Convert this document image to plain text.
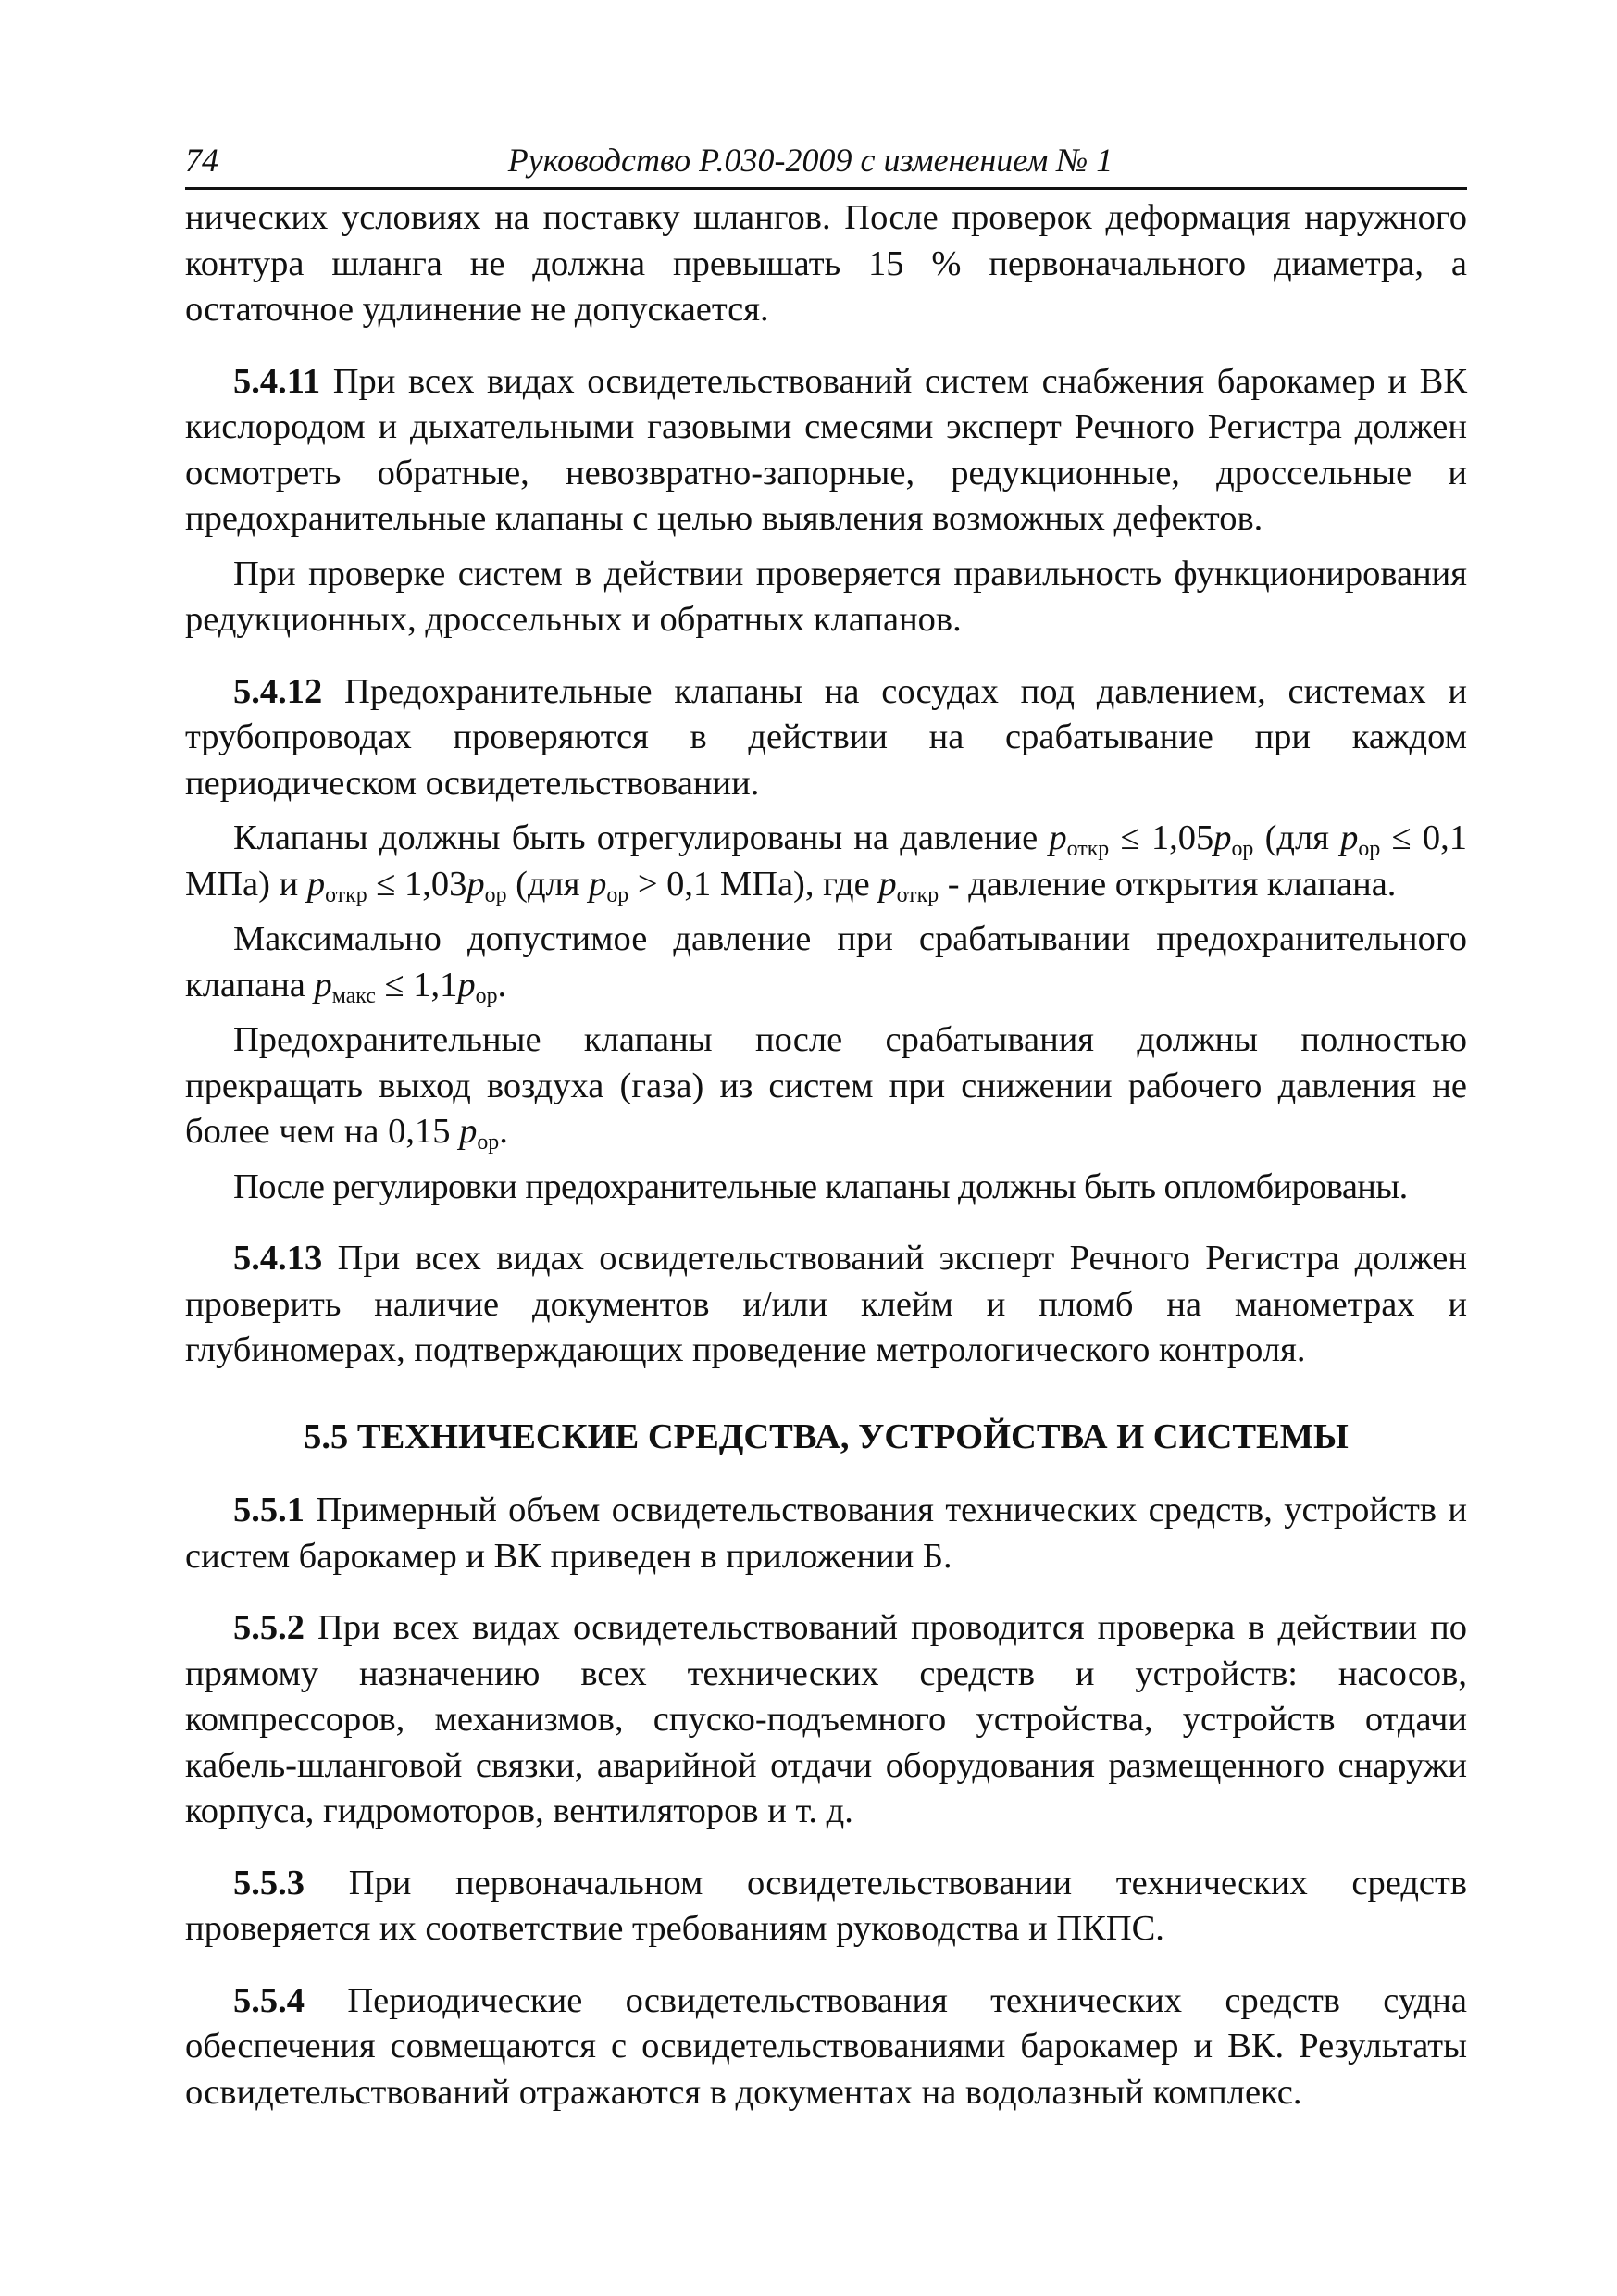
74	Руководство Р.030-2009 с изменением № 1

нических условиях на поставку шлангов. После проверок деформация наружного контура шланга не должна превышать 15 % первоначального диаметра, а остаточное удлинение не допускается.

5.4.11 При всех видах освидетельствований систем снабжения барокамер и ВК кислородом и дыхательными газовыми смесями эксперт Речного Регистра должен осмотреть обратные, невозвратно-запорные, редукционные, дроссельные и предохранительные клапаны с целью выявления возможных дефектов.

При проверке систем в действии проверяется правильность функционирования редукционных, дроссельных и обратных клапанов.

5.4.12 Предохранительные клапаны на сосудах под давлением, системах и трубопроводах проверяются в действии на срабатывание при каждом периодическом освидетельствовании.

Клапаны должны быть отрегулированы на давление $p_{откр} \le 1,05p_{ор}$ (для $p_{ор} \le 0,1$ МПа) и $p_{откр} \le 1,03p_{ор}$ (для $p_{ор} > 0,1$ МПа), где $p_{откр}$ - давление открытия клапана.

Максимально допустимое давление при срабатывании предохранительного клапана $p_{макс} \le 1,1p_{ор}$.

Предохранительные клапаны после срабатывания должны полностью прекращать выход воздуха (газа) из систем при снижении рабочего давления не более чем на 0,15 $p_{ор}$.

После регулировки предохранительные клапаны должны быть опломбированы.

5.4.13 При всех видах освидетельствований эксперт Речного Регистра должен проверить наличие документов и/или клейм и пломб на манометрах и глубиномерах, подтверждающих проведение метрологического контроля.

5.5 ТЕХНИЧЕСКИЕ СРЕДСТВА, УСТРОЙСТВА И СИСТЕМЫ

5.5.1 Примерный объем освидетельствования технических средств, устройств и систем барокамер и ВК приведен в приложении Б.

5.5.2 При всех видах освидетельствований проводится проверка в действии по прямому назначению всех технических средств и устройств: насосов, компрессоров, механизмов, спуско-подъемного устройства, устройств отдачи кабель-шланговой связки, аварийной отдачи оборудования размещенного снаружи корпуса, гидромоторов, вентиляторов и т. д.

5.5.3 При первоначальном освидетельствовании технических средств проверяется их соответствие требованиям руководства и ПКПС.

5.5.4 Периодические освидетельствования технических средств судна обеспечения совмещаются с освидетельствованиями барокамер и ВК. Результаты освидетельствований отражаются в документах на водолазный комплекс.
